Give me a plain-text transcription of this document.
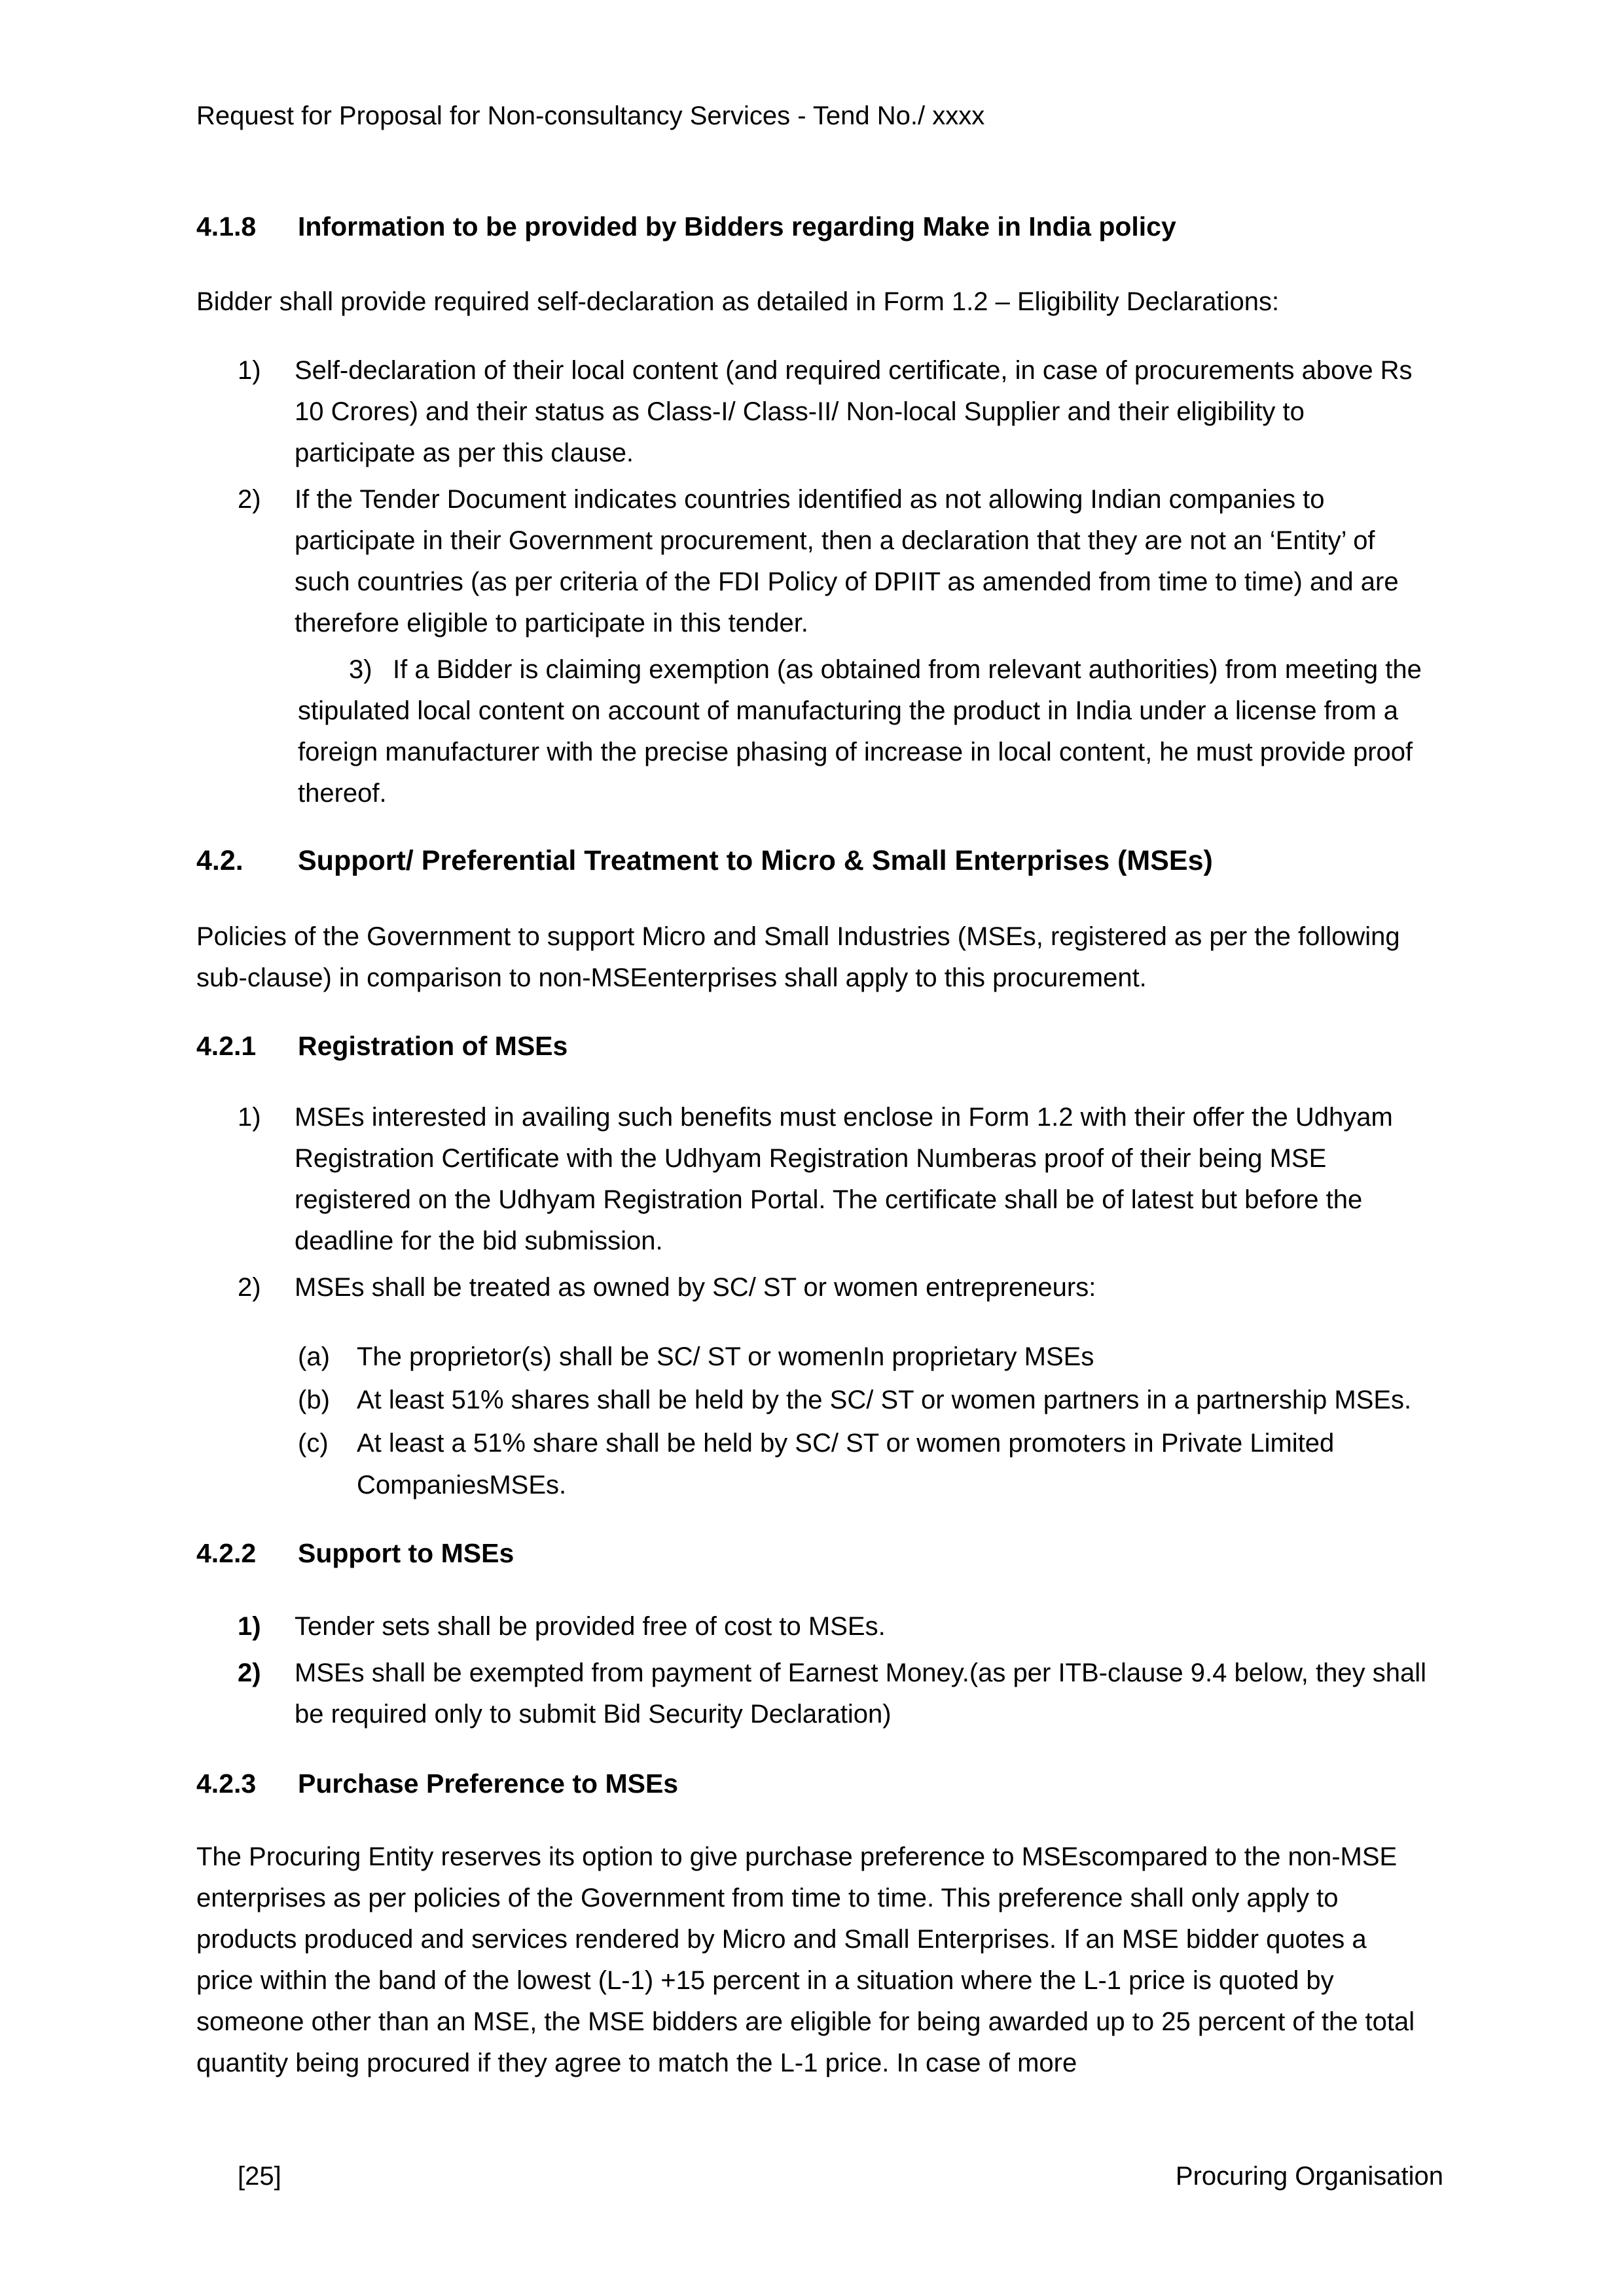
Request for Proposal for Non-consultancy Services - Tend No./ xxxx
4.1.8	Information to be provided by Bidders regarding Make in India policy
Bidder shall provide required self-declaration as detailed in Form 1.2 – Eligibility Declarations:
1)	Self-declaration of their local content (and required certificate, in case of procurements above Rs 10 Crores) and their status as Class-I/ Class-II/ Non-local Supplier and their eligibility to participate as per this clause.
2)	If the Tender Document indicates countries identified as not allowing Indian companies to participate in their Government procurement, then a declaration that they are not an ‘Entity’ of such countries (as per criteria of the FDI Policy of DPIIT as amended from time to time) and are therefore eligible to participate in this tender.
3) If a Bidder is claiming exemption (as obtained from relevant authorities) from meeting the stipulated local content on account of manufacturing the product in India under a license from a foreign manufacturer with the precise phasing of increase in local content, he must provide proof thereof.
4.2.	Support/ Preferential Treatment to Micro & Small Enterprises (MSEs)
Policies of the Government to support Micro and Small Industries (MSEs, registered as per the following sub-clause) in comparison to non-MSEenterprises shall apply to this procurement.
4.2.1	Registration of MSEs
1)	MSEs interested in availing such benefits must enclose in Form 1.2 with their offer the Udhyam Registration Certificate with the Udhyam Registration Numberas proof of their being MSE registered on the Udhyam Registration Portal. The certificate shall be of latest but before the deadline for the bid submission.
2)	MSEs shall be treated as owned by SC/ ST or women entrepreneurs:
(a)	The proprietor(s) shall be SC/ ST or womenIn proprietary MSEs
(b)	At least 51% shares shall be held by the SC/ ST or women partners in a partnership MSEs.
(c)	At least a 51% share shall be held by SC/ ST or women promoters in Private Limited CompaniesMSEs.
4.2.2	Support to MSEs
1)	Tender sets shall be provided free of cost to MSEs.
2)	MSEs shall be exempted from payment of Earnest Money.(as per ITB-clause 9.4 below, they shall be required only to submit Bid Security Declaration)
4.2.3	Purchase Preference to MSEs
The Procuring Entity reserves its option to give purchase preference to MSEscompared to the non-MSE enterprises as per policies of the Government from time to time. This preference shall only apply to products produced and services rendered by Micro and Small Enterprises. If an MSE bidder quotes a price within the band of the lowest (L-1) +15 percent in a situation where the L-1 price is quoted by someone other than an MSE, the MSE bidders are eligible for being awarded up to 25 percent of the total quantity being procured if they agree to match the L-1 price. In case of more
[25]	Procuring Organisation
